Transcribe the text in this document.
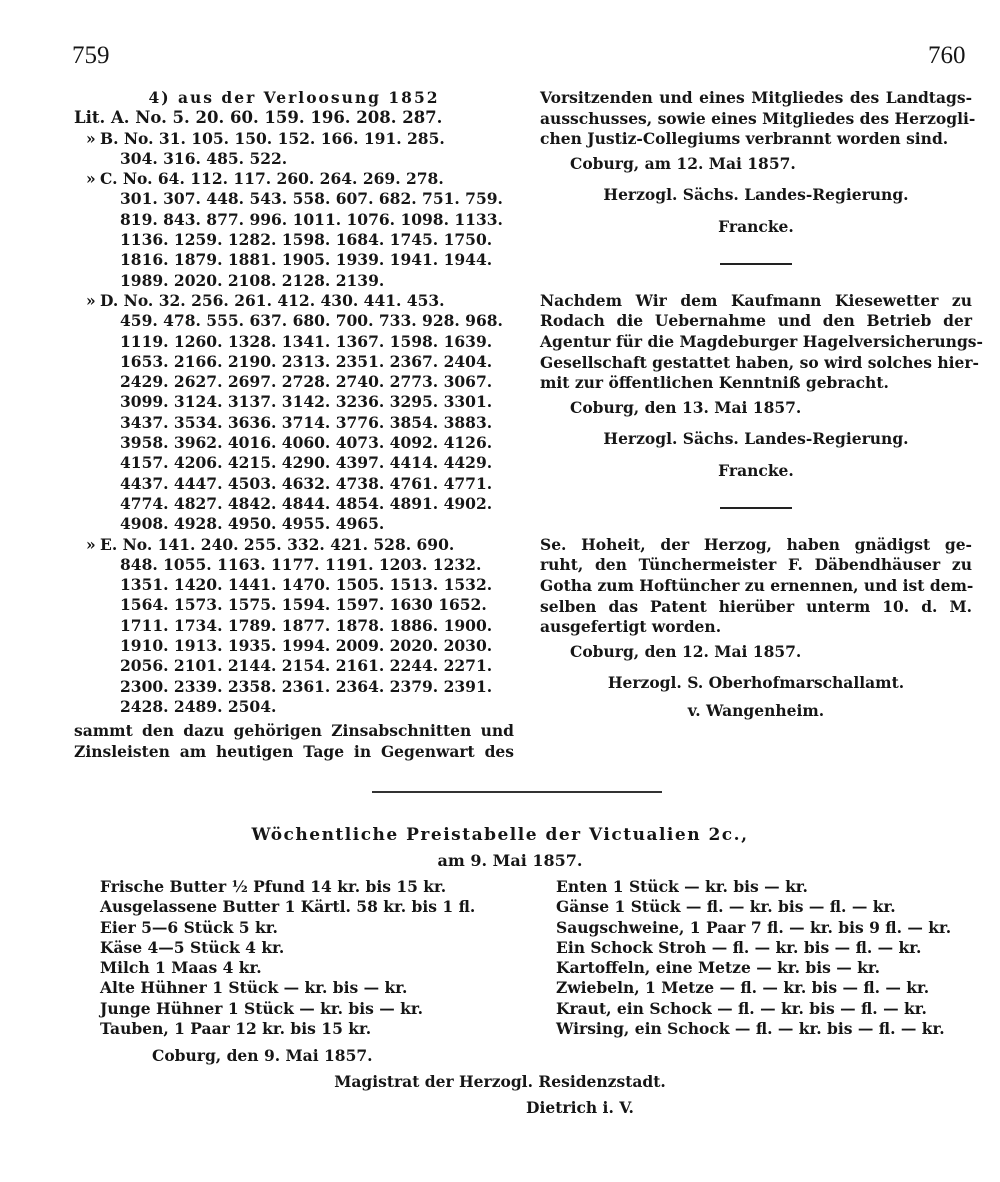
759	760
4) aus der Verloosung 1852
Lit. A. No. 5. 20. 60. 159. 196. 208. 287.
» B. No. 31. 105. 150. 152. 166. 191. 285.
304. 316. 485. 522.
» C. No. 64. 112. 117. 260. 264. 269. 278.
301. 307. 448. 543. 558. 607. 682. 751. 759.
819. 843. 877. 996. 1011. 1076. 1098. 1133.
1136. 1259. 1282. 1598. 1684. 1745. 1750.
1816. 1879. 1881. 1905. 1939. 1941. 1944.
1989. 2020. 2108. 2128. 2139.
» D. No. 32. 256. 261. 412. 430. 441. 453.
459. 478. 555. 637. 680. 700. 733. 928. 968.
1119. 1260. 1328. 1341. 1367. 1598. 1639.
1653. 2166. 2190. 2313. 2351. 2367. 2404.
2429. 2627. 2697. 2728. 2740. 2773. 3067.
3099. 3124. 3137. 3142. 3236. 3295. 3301.
3437. 3534. 3636. 3714. 3776. 3854. 3883.
3958. 3962. 4016. 4060. 4073. 4092. 4126.
4157. 4206. 4215. 4290. 4397. 4414. 4429.
4437. 4447. 4503. 4632. 4738. 4761. 4771.
4774. 4827. 4842. 4844. 4854. 4891. 4902.
4908. 4928. 4950. 4955. 4965.
» E. No. 141. 240. 255. 332. 421. 528. 690.
848. 1055. 1163. 1177. 1191. 1203. 1232.
1351. 1420. 1441. 1470. 1505. 1513. 1532.
1564. 1573. 1575. 1594. 1597. 1630 1652.
1711. 1734. 1789. 1877. 1878. 1886. 1900.
1910. 1913. 1935. 1994. 2009. 2020. 2030.
2056. 2101. 2144. 2154. 2161. 2244. 2271.
2300. 2339. 2358. 2361. 2364. 2379. 2391.
2428. 2489. 2504.
sammt den dazu gehörigen Zinsabschnitten und
Zinsleisten am heutigen Tage in Gegenwart des
Vorsitzenden und eines Mitgliedes des Landtags-
ausschusses, sowie eines Mitgliedes des Herzogli-
chen Justiz-Collegiums verbrannt worden sind.
Coburg, am 12. Mai 1857.
Herzogl. Sächs. Landes-Regierung.
Francke.
Nachdem Wir dem Kaufmann Kiesewetter zu
Rodach die Uebernahme und den Betrieb der
Agentur für die Magdeburger Hagelversicherungs-
Gesellschaft gestattet haben, so wird solches hier-
mit zur öffentlichen Kenntniß gebracht.
Coburg, den 13. Mai 1857.
Herzogl. Sächs. Landes-Regierung.
Francke.
Se. Hoheit, der Herzog, haben gnädigst ge-
ruht, den Tünchermeister F. Däbendhäuser zu
Gotha zum Hoftüncher zu ernennen, und ist dem-
selben das Patent hierüber unterm 10. d. M.
ausgefertigt worden.
Coburg, den 12. Mai 1857.
Herzogl. S. Oberhofmarschallamt.
v. Wangenheim.
Wöchentliche Preistabelle der Victualien 2c.,
am 9. Mai 1857.
Frische Butter ½ Pfund 14 kr. bis 15 kr.
Ausgelassene Butter 1 Kärtl. 58 kr. bis 1 fl.
Eier 5—6 Stück 5 kr.
Käse 4—5 Stück 4 kr.
Milch 1 Maas 4 kr.
Alte Hühner 1 Stück — kr. bis — kr.
Junge Hühner 1 Stück — kr. bis — kr.
Tauben, 1 Paar 12 kr. bis 15 kr.
Enten 1 Stück — kr. bis — kr.
Gänse 1 Stück — fl. — kr. bis — fl. — kr.
Saugschweine, 1 Paar 7 fl. — kr. bis 9 fl. — kr.
Ein Schock Stroh — fl. — kr. bis — fl. — kr.
Kartoffeln, eine Metze — kr. bis — kr.
Zwiebeln, 1 Metze — fl. — kr. bis — fl. — kr.
Kraut, ein Schock — fl. — kr. bis — fl. — kr.
Wirsing, ein Schock — fl. — kr. bis — fl. — kr.
Coburg, den 9. Mai 1857.
Magistrat der Herzogl. Residenzstadt.
Dietrich i. V.
